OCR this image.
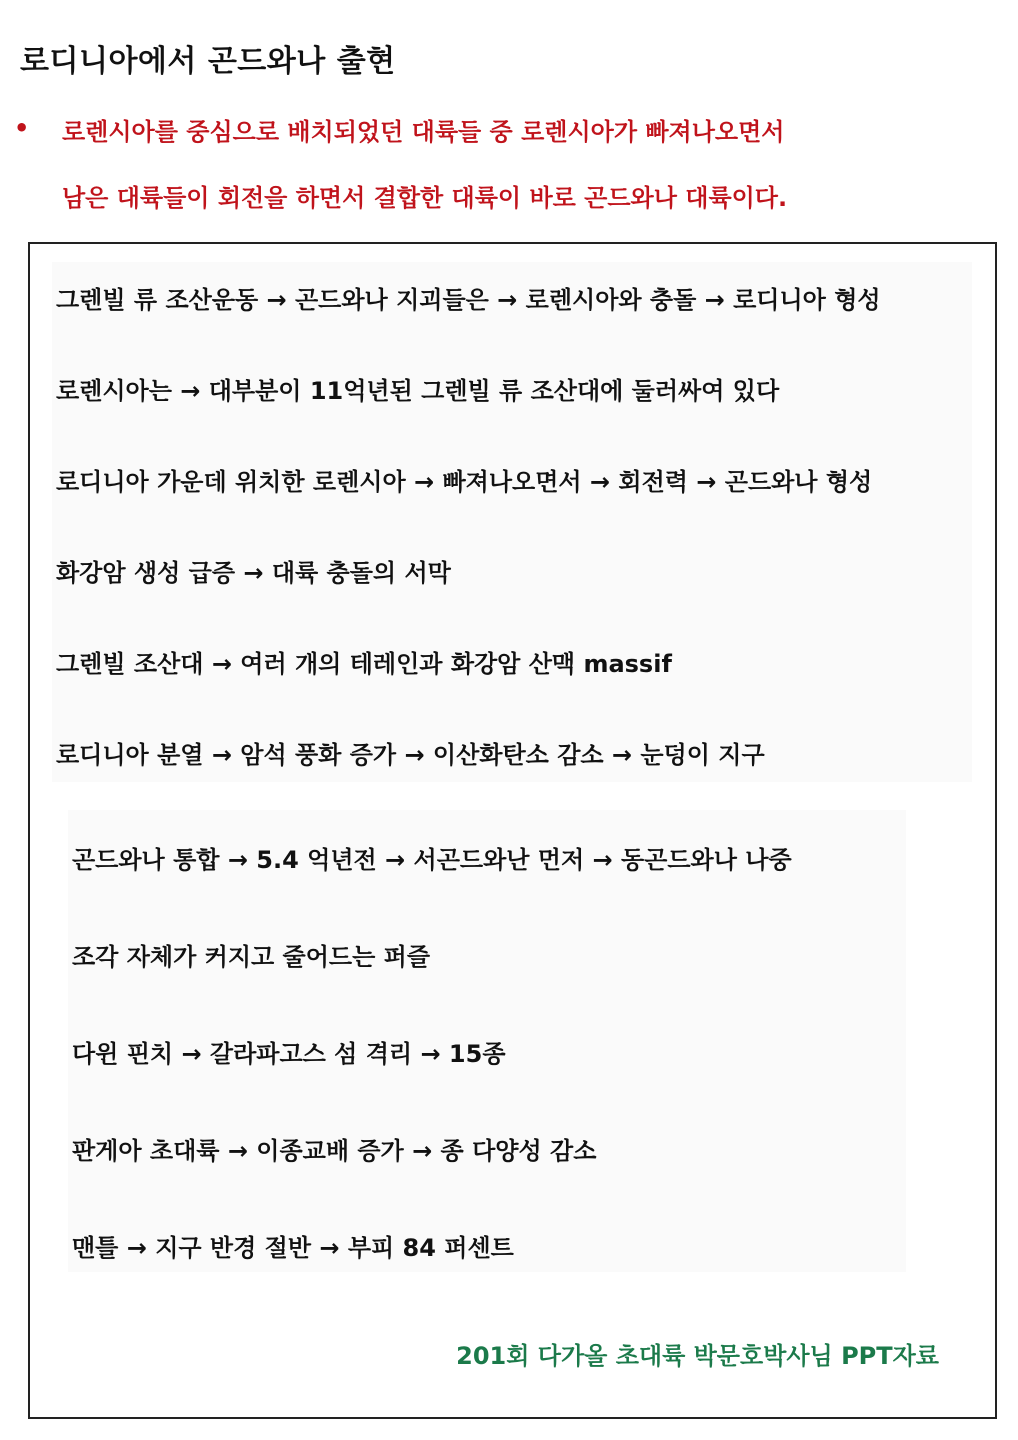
로디니아에서 곤드와나 출현
• 로렌시아를 중심으로 배치되었던 대륙들 중 로렌시아가 빠져나오면서
남은 대륙들이 회전을 하면서 결합한 대륙이 바로 곤드와나 대륙이다.
그렌빌 류 조산운동 → 곤드와나 지괴들은 → 로렌시아와 충돌 → 로디니아 형성
로렌시아는 → 대부분이 11억년된 그렌빌 류 조산대에 둘러싸여 있다
로디니아 가운데 위치한 로렌시아 → 빠져나오면서 → 회전력 → 곤드와나 형성
화강암 생성 급증 → 대륙 충돌의 서막
그렌빌 조산대 → 여러 개의 테레인과 화강암 산맥 massif
로디니아 분열 → 암석 풍화 증가 → 이산화탄소 감소 → 눈덩이 지구
곤드와나 통합 → 5.4 억년전 → 서곤드와난 먼저 → 동곤드와나 나중
조각 자체가 커지고 줄어드는 퍼즐
다윈 핀치 → 갈라파고스 섬 격리 → 15종
판게아 초대륙 → 이종교배 증가 → 종 다양성 감소
맨틀 → 지구 반경 절반 → 부피 84 퍼센트
201회 다가올 초대륙 박문호박사님 PPT자료
